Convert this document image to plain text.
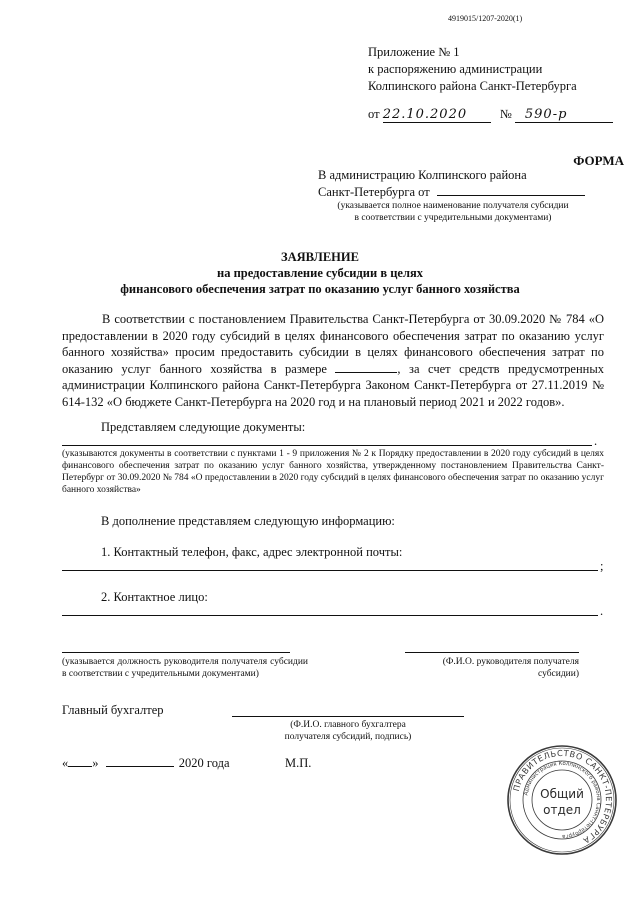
4919015/1207-2020(1)
Приложение № 1
к распоряжению администрации
Колпинского района Санкт-Петербурга
от 22.10.2020	№ 590-р
ФОРМА
В администрацию Колпинского района
Санкт-Петербурга от
(указывается полное наименование получателя субсидии
в соответствии с учредительными документами)
ЗАЯВЛЕНИЕ
на предоставление субсидии в целях
финансового обеспечения затрат по оказанию услуг банного хозяйства
В соответствии с постановлением Правительства Санкт-Петербурга от 30.09.2020 № 784 «О предоставлении в 2020 году субсидий в целях финансового обеспечения затрат по оказанию услуг банного хозяйства» просим предоставить субсидии в целях финансового обеспечения затрат по оказанию услуг банного хозяйства в размере	, за счет средств предусмотренных администрации Колпинского района Санкт-Петербурга Законом Санкт-Петербурга от 27.11.2019 № 614-132 «О бюджете Санкт-Петербурга на 2020 год и на плановый период 2021 и 2022 годов».
Представляем следующие документы:
.
(указываются документы в соответствии с пунктами 1 - 9 приложения № 2 к Порядку предоставлении в 2020 году субсидий в целях финансового обеспечения затрат по оказанию услуг банного хозяйства, утвержденному постановлением Правительства Санкт-Петербург от 30.09.2020 № 784 «О предоставлении в 2020 году субсидий в целях финансового обеспечения затрат по оказанию услуг банного хозяйства»
В дополнение представляем следующую информацию:
1. Контактный телефон, факс, адрес электронной почты:
;
2. Контактное лицо:
.
(указывается должность руководителя получателя субсидии в соответствии с учредительными документами)
(Ф.И.О. руководителя получателя
субсидии)
Главный бухгалтер
(Ф.И.О. главного бухгалтера
получателя субсидий, подпись)
« »	2020 года	М.П.
ПРАВИТЕЛЬСТВО САНКТ-ПЕТЕРБУРГА
Администрация Колпинского района Санкт-Петербурга
Общий
отдел
